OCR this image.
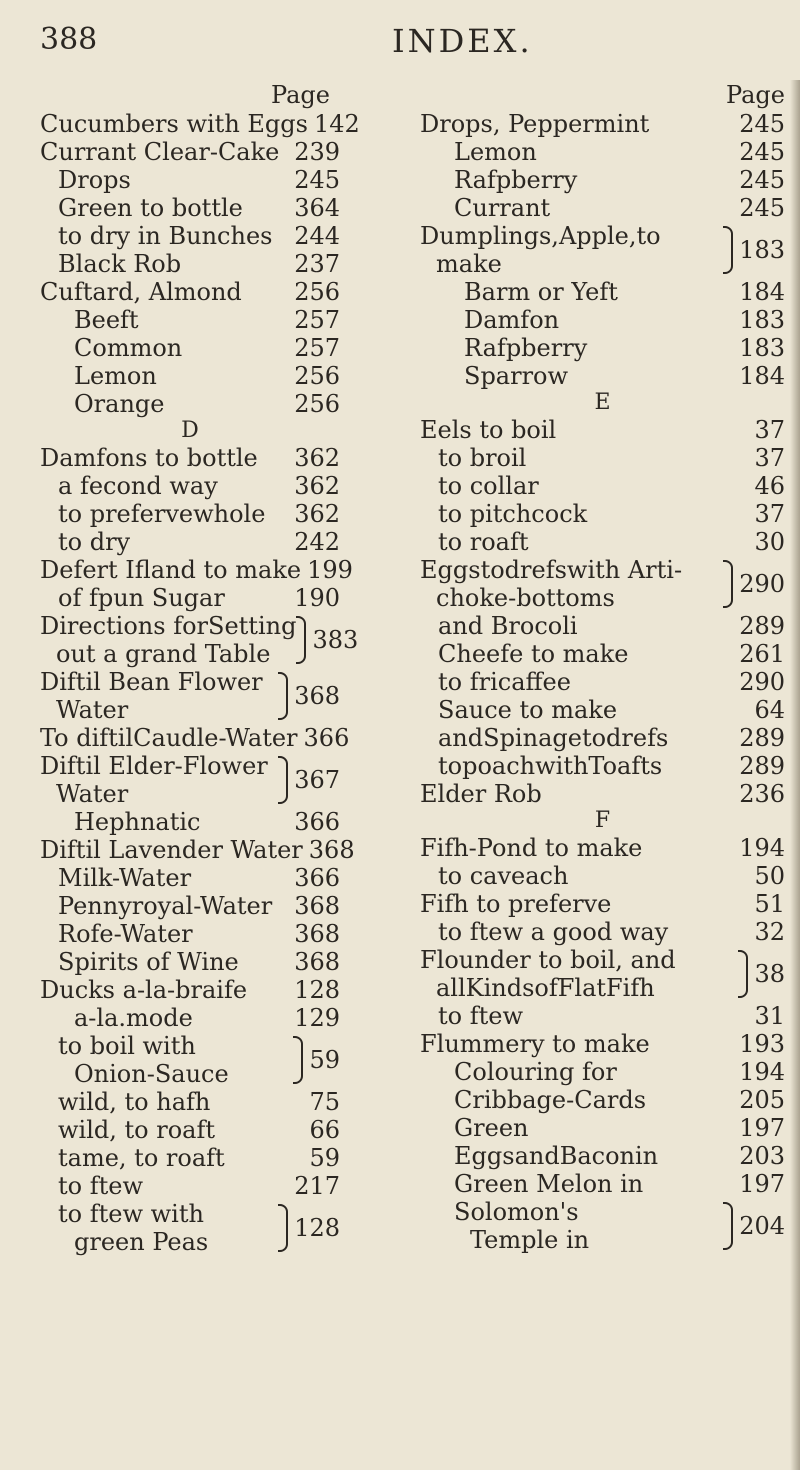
388	INDEX.
Page
Cucumbers with Eggs 142
Currant Clear-Cake 239
Drops	245
Green to bottle 364
to dry in Bunches 244
Black Rob	237
Cuftard, Almond 256
Beeft	257
Common	257
Lemon	256
Orange	256
D
Damfons to bottle 362
a fecond way	362
to prefervewhole 362
to dry	242
Defert Ifland to make 199
of fpun Sugar	190
Directions forSetting
out a grand Table	383
Diftil Bean Flower
Water	368
To diftilCaudle-Water 366
Diftil Elder-Flower
Water	367
Hephnatic	366
Diftil Lavender Water 368
Milk-Water	366
Pennyroyal-Water 368
Rofe-Water	368
Spirits of Wine 368
Ducks a-la-braife 128
a-la.mode	129
to boil with
Onion-Sauce	59
wild, to hafh	75
wild, to roaft	66
tame, to roaft	59
to ftew	217
to ftew with
green Peas	128
Page
Drops, Peppermint	245
Lemon	245
Rafpberry	245
Currant	245
Dumplings,Apple,to
make	183
Barm or Yeft	184
Damfon	183
Rafpberry	183
Sparrow	184
E
Eels to boil	37
to broil	37
to collar	46
to pitchcock	37
to roaft	30
Eggstodrefswith Arti-
choke-bottoms	290
and Brocoli	289
Cheefe to make	261
to fricaffee	290
Sauce to make	64
andSpinagetodrefs	289
topoachwithToafts	289
Elder Rob	236
F
Fifh-Pond to make	194
to caveach	50
Fifh to preferve	51
to ftew a good way	32
Flounder to boil, and
allKindsofFlatFifh	38
to ftew	31
Flummery to make	193
Colouring for	194
Cribbage-Cards	205
Green	197
EggsandBaconin	203
Green Melon in	197
Solomon's
Temple in	204
